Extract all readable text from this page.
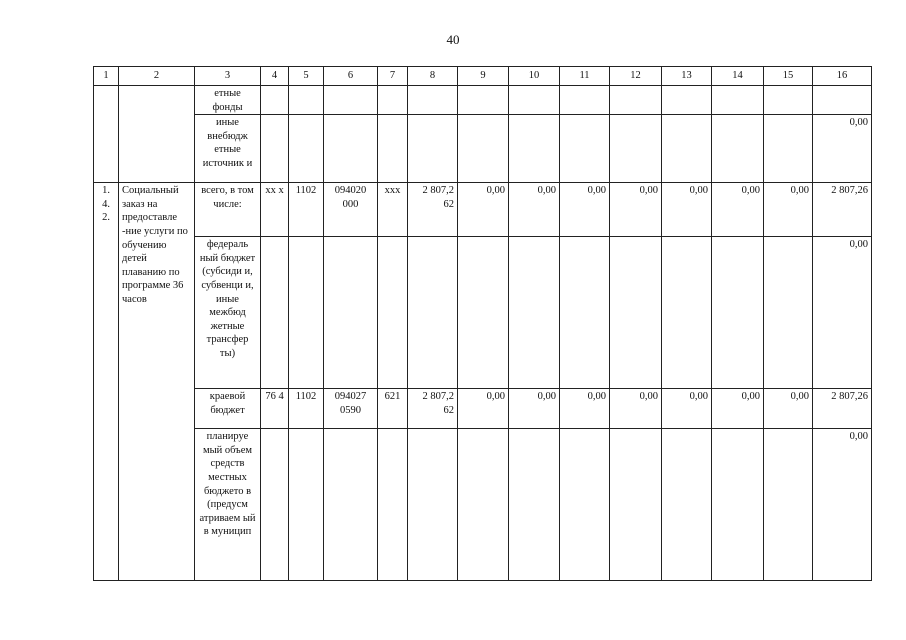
40
1	2	3	4	5	6	7	8	9	10	11	12	13	14	15	16
		етные фонды													
		иные внебюдж етные источник и													0,00
1. 4. 2.	Социальный заказ на предоставле -ние услуги по обучению детей плаванию по программе 36 часов	всего, в том числе:	xx x	1102	094020 000	xxx	2 807,2 62	0,00	0,00	0,00	0,00	0,00	0,00	0,00	2 807,26
		федераль ный бюджет (субсиди и, субвенци и, иные межбюд жетные трансфер ты)													0,00
		краевой бюджет	76 4	1102	094027 0590	621	2 807,2 62	0,00	0,00	0,00	0,00	0,00	0,00	0,00	2 807,26
		планируе мый объем средств местных бюджето в (предусм атриваем ый в муницип													0,00
